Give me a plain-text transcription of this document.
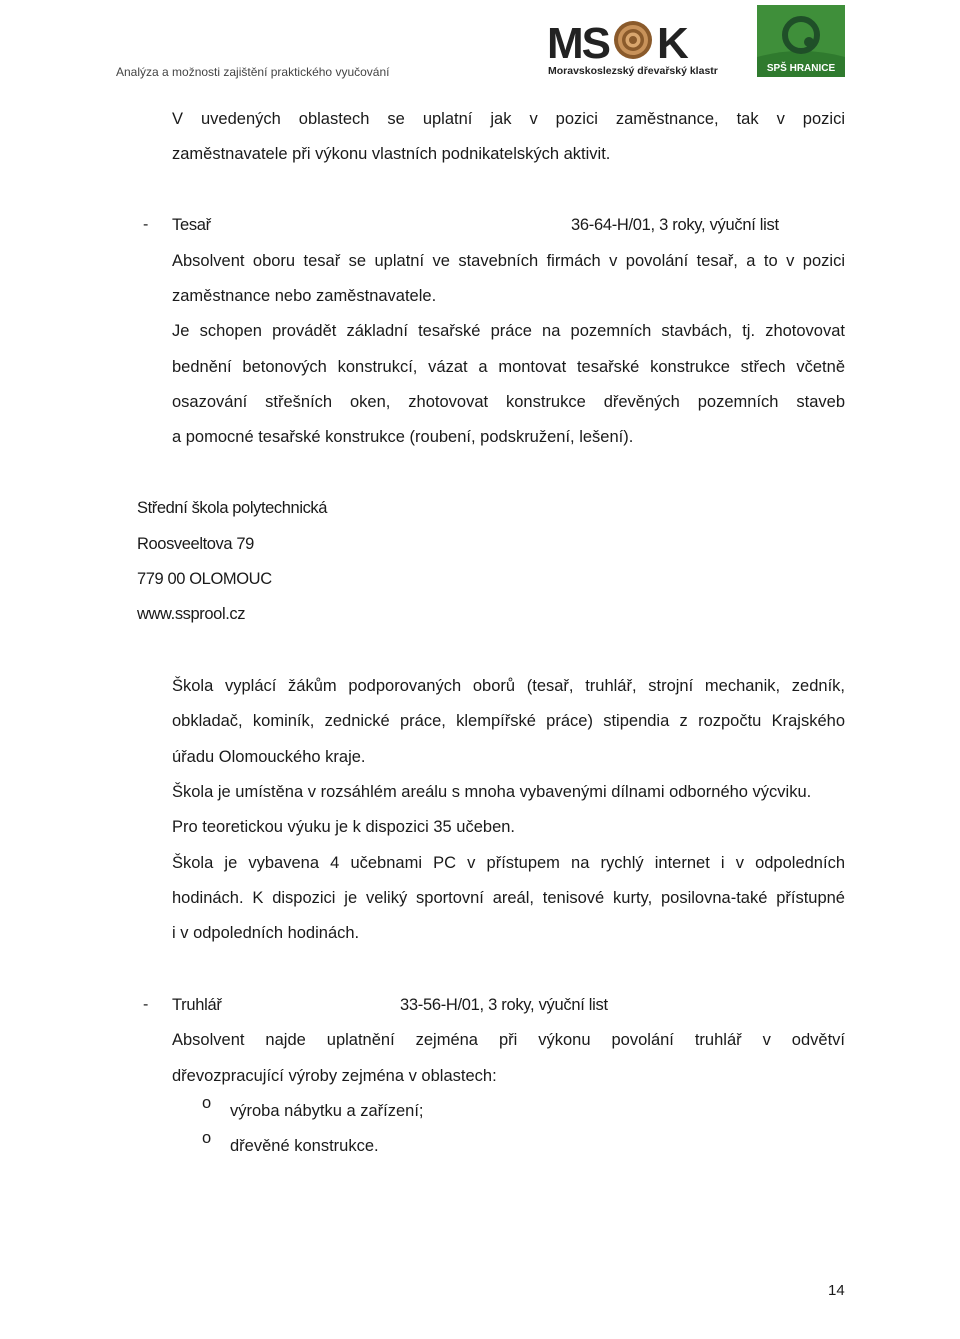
Analýza a možnosti zajištění praktického vyučování
MS K
Moravskoslezský dřevařský klastr	SPŠ HRANICE
V uvedených oblastech se uplatní jak v pozici zaměstnance, tak v pozici
zaměstnavatele při výkonu vlastních podnikatelských aktivit.
- Tesař	36-64-H/01, 3 roky, výuční list
Absolvent oboru tesař se uplatní ve stavebních firmách v povolání tesař, a to v pozici
zaměstnance nebo zaměstnavatele.
Je schopen provádět základní tesařské práce na pozemních stavbách, tj. zhotovovat
bednění betonových konstrukcí, vázat a montovat tesařské konstrukce střech včetně
osazování střešních oken, zhotovovat konstrukce dřevěných pozemních staveb
a pomocné tesařské konstrukce (roubení, podskružení, lešení).
Střední škola polytechnická
Roosveeltova 79
779 00 OLOMOUC
www.ssprool.cz
Škola vyplácí žákům podporovaných oborů (tesař, truhlář, strojní mechanik, zedník,
obkladač, kominík, zednické práce, klempířské práce) stipendia z rozpočtu Krajského
úřadu Olomouckého kraje.
Škola je umístěna v rozsáhlém areálu s mnoha vybavenými dílnami odborného výcviku.
Pro teoretickou výuku je k dispozici 35 učeben.
Škola je vybavena 4 učebnami PC v přístupem na rychlý internet i v odpoledních
hodinách. K dispozici je veliký sportovní areál, tenisové kurty, posilovna-také přístupné
i v odpoledních hodinách.
- Truhlář	33-56-H/01, 3 roky, výuční list
Absolvent najde uplatnění zejména při výkonu povolání truhlář v odvětví
dřevozpracující výroby zejména v oblastech:
o výroba nábytku a zařízení;
o dřevěné konstrukce.
14
